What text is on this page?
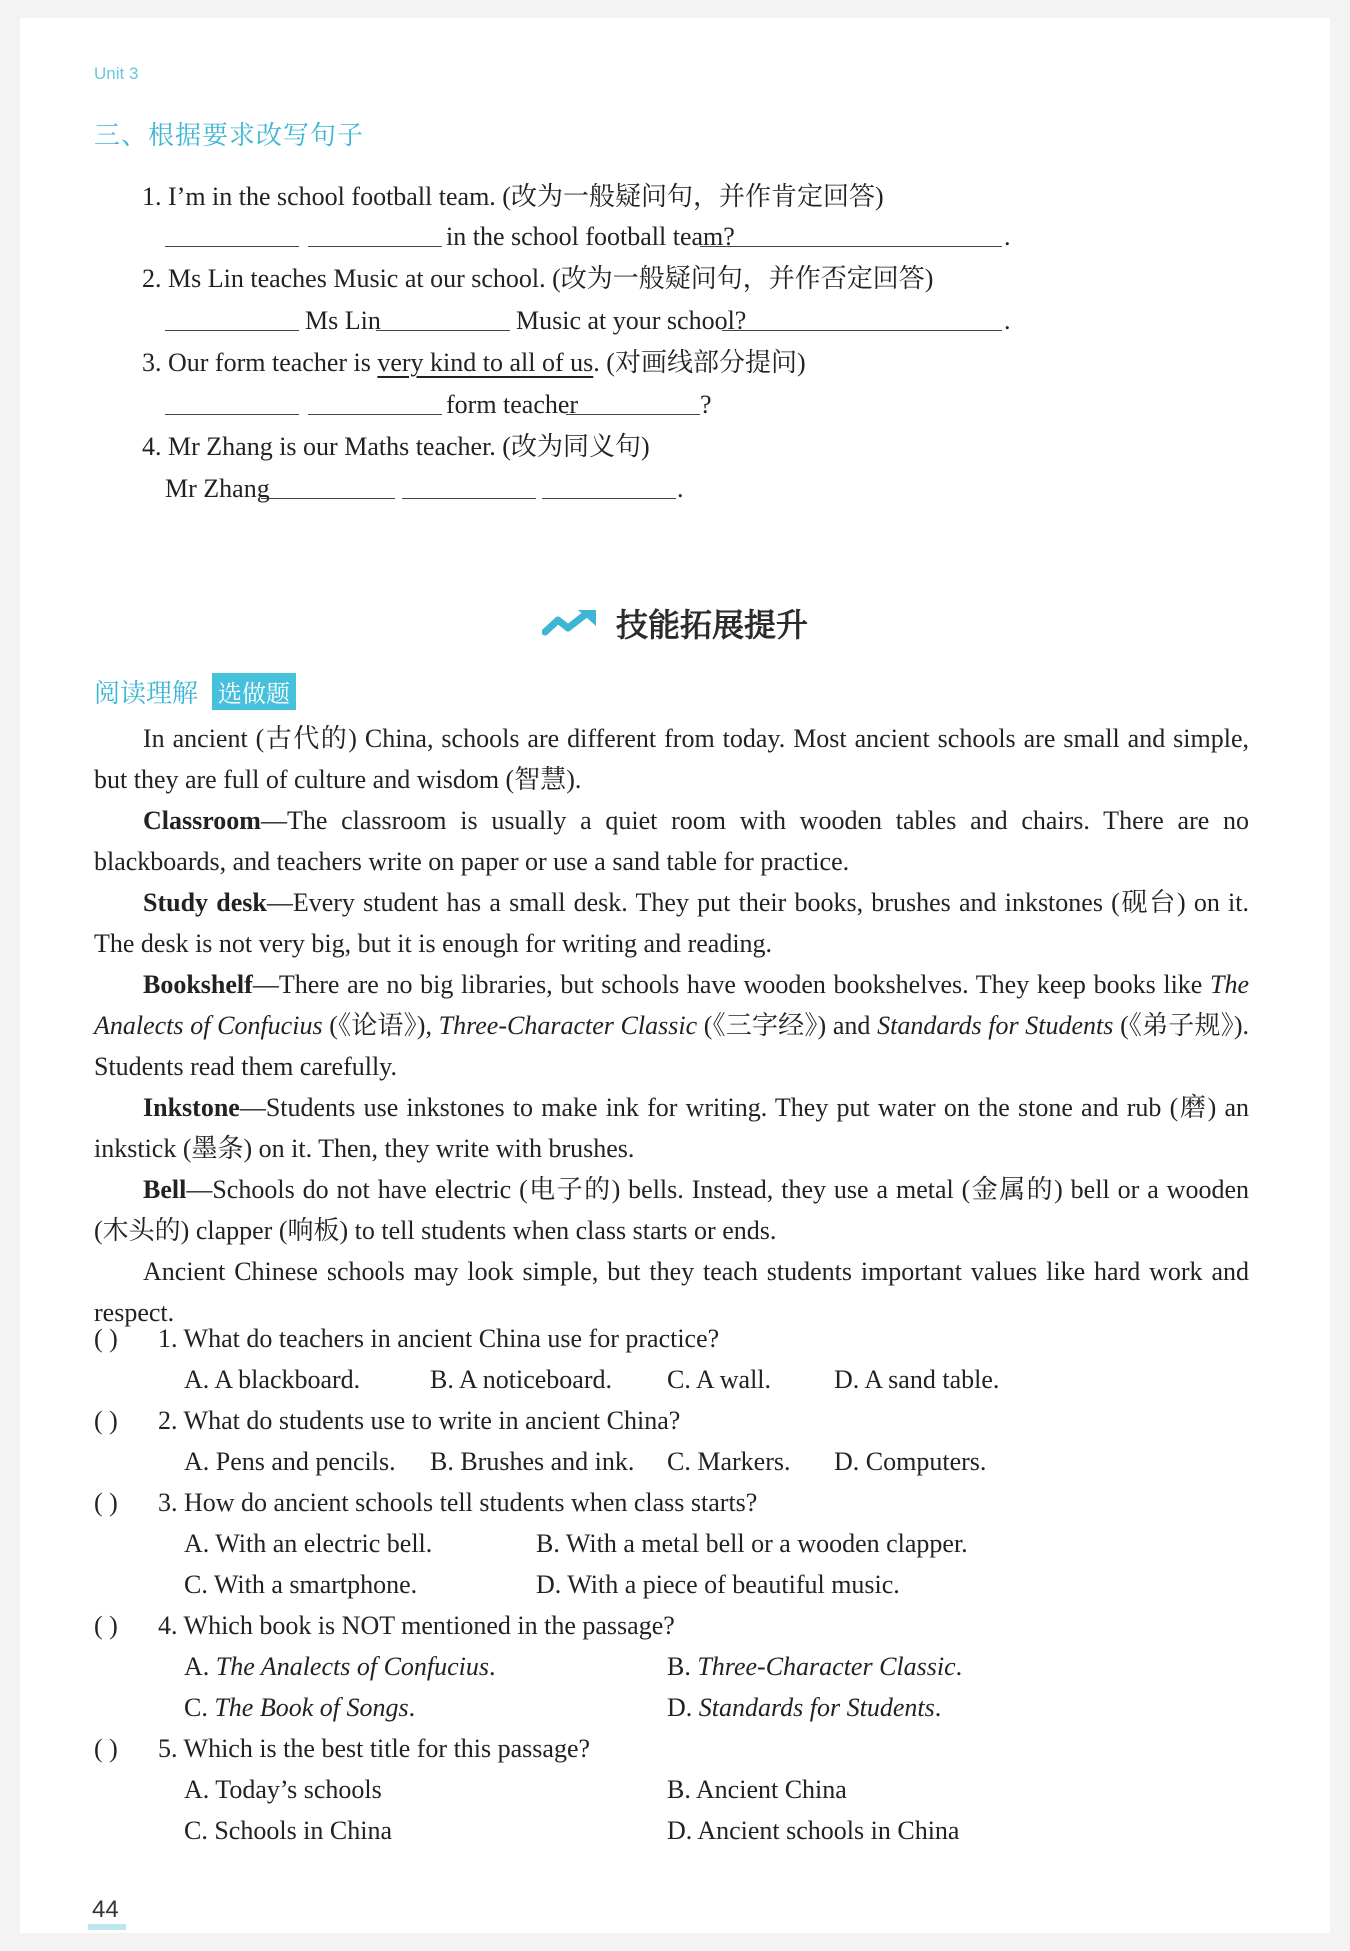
Unit 3
三、根据要求改写句子
1. I’m in the school football team. (改为一般疑问句，并作肯定回答)
in the school football team?	.
2. Ms Lin teaches Music at our school. (改为一般疑问句，并作否定回答)
Ms Lin	Music at your school?	.
3. Our form teacher is very kind to all of us. (对画线部分提问)
form teacher	?
4. Mr Zhang is our Maths teacher. (改为同义句)
Mr Zhang	.
技能拓展提升
阅读理解 选做题

In ancient (古代的) China, schools are different from today. Most ancient schools are small and simple, but they are full of culture and wisdom (智慧).

Classroom—The classroom is usually a quiet room with wooden tables and chairs. There are no blackboards, and teachers write on paper or use a sand table for practice.

Study desk—Every student has a small desk. They put their books, brushes and inkstones (砚台) on it. The desk is not very big, but it is enough for writing and reading.

Bookshelf—There are no big libraries, but schools have wooden bookshelves. They keep books like The Analects of Confucius (《论语》), Three-Character Classic (《三字经》) and Standards for Students (《弟子规》). Students read them carefully.

Inkstone—Students use inkstones to make ink for writing. They put water on the stone and rub (磨) an inkstick (墨条) on it. Then, they write with brushes.

Bell—Schools do not have electric (电子的) bells. Instead, they use a metal (金属的) bell or a wooden (木头的) clapper (响板) to tell students when class starts or ends.

Ancient Chinese schools may look simple, but they teach students important values like hard work and respect.

( ) 1. What do teachers in ancient China use for practice?
A. A blackboard.	B. A noticeboard. C. A wall. D. A sand table.
( ) 2. What do students use to write in ancient China?
A. Pens and pencils. B. Brushes and ink. C. Markers. D. Computers.
( ) 3. How do ancient schools tell students when class starts?
A. With an electric bell.	B. With a metal bell or a wooden clapper.
C. With a smartphone.	D. With a piece of beautiful music.
( ) 4. Which book is NOT mentioned in the passage?
A. The Analects of Confucius.	B. Three-Character Classic.
C. The Book of Songs.	D. Standards for Students.
( ) 5. Which is the best title for this passage?
A. Today’s schools	B. Ancient China
C. Schools in China	D. Ancient schools in China
44
